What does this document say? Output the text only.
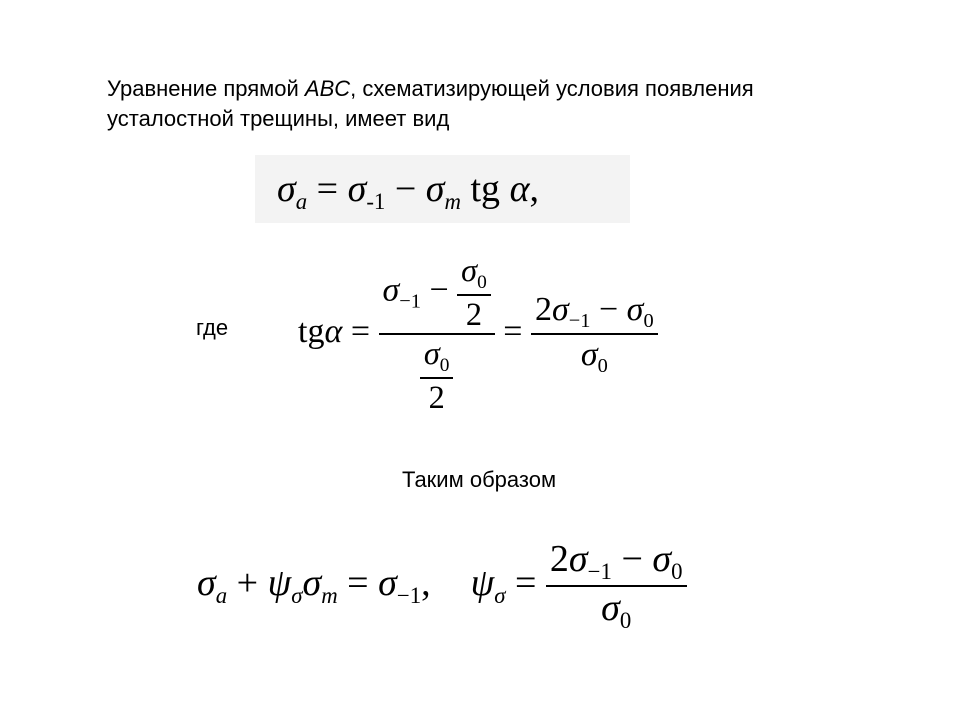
Уравнение прямой ABC, схематизирующей условия появления
усталостной трещины, имеет вид
$\sigma_a = \sigma_{-1} - \sigma_m$ tg α,
где $tg\alpha = \frac{\sigma_{-1} - \frac{\sigma_0}{2}}{\frac{\sigma_0}{2}} = \frac{2\sigma_{-1} - \sigma_0}{\sigma_0}$
Таким образом
$\sigma_a + \psi_\sigma\sigma_m = \sigma_{-1}$, $\psi_\sigma = \frac{2\sigma_{-1} - \sigma_0}{\sigma_0}$
